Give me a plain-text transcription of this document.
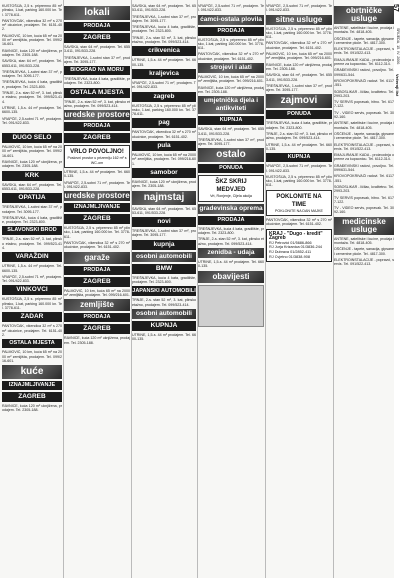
KUSTOŠIJA, 2,5 s. pripremno 85 m² plinsko, 1.kat, parking 160.000 kn. Tel. 3778-611.

PANTOVČAK, vikendica 32 m² s 270 m² okućnice, prodajem. Tel. 6151-402.

PALMOVIĆ, 10 km, kuća 65 m² na 2000 m² zemljišta, prodajem. Tel. 099/216-601.

RAVNICE, kuća 120 m² uknjižena, prodajem. Tel. 2305-188.

SAVSKA, stan 64 m², prodajem. Tel. 6553-611, 091/533-228.

TREŠNJEVKA, 1-sobni stan 37 m², prodajem. Tel. 3095-177.

TREŠNJEVKA, kuća 4 kata, gradilište, prodajem. Tel. 2323-800.

TRNJE, 2-s. stan 52 m², 3. kat, plinsko etažno, prodajem. Tel. 099/523-414.

UTRINE, 1,5-s. 44 m² prodajem. Tel. 6600-135.

VRAPČE, 2,5-sobni 71 m², prodajem. Tel. 091/422-833.

DUGO SELO

PALMOVIĆ, 10 km, kuća 65 m² na 2000 m² zemljišta, prodajem. Tel. 099/216-601.

RAVNICE, kuća 120 m² uknjižena, prodajem. Tel. 2305-188.

KRK

SAVSKA, stan 64 m², prodajem. Tel. 6553-611, 091/533-228.

OPATIJA

TREŠNJEVKA, 1-sobni stan 37 m², prodajem. Tel. 3095-177.

TREŠNJEVKA, kuća 4 kata, gradilište, prodajem. Tel. 2323-800.

SLAVONSKI BROD

TRNJE, 2-s. stan 52 m², 3. kat, plinsko etažno, prodajem. Tel. 099/523-414.

VARAŽDIN

UTRINE, 1,5-s. 44 m² prodajem. Tel. 6600-135.

VRAPČE, 2,5-sobni 71 m², prodajem. Tel. 091/422-833.

VINKOVCI

KUSTOŠIJA, 2,5 s. pripremno 85 m² plinsko, 1.kat, parking 160.000 kn. Tel. 3778-611.

ZADAR

PANTOVČAK, vikendica 32 m² s 270 m² okućnice, prodajem. Tel. 6151-402.

OSTALA MJESTA

PALMOVIĆ, 10 km, kuća 65 m² na 2000 m² zemljišta, prodajem. Tel. 099/216-601.

kuće
IZNAJMLJIVANJE
ZAGREB

RAVNICE, kuća 120 m² uknjižena, prodajem. Tel. 2305-188.

lokali
PRODAJA
ZAGREB

SAVSKA, stan 64 m², prodajem. Tel. 6553-611, 091/533-228.

TREŠNJEVKA, 1-sobni stan 37 m², prodajem. Tel. 3095-177.

BIOGRAD NA MORU

TREŠNJEVKA, kuća 4 kata, gradilište, prodajem. Tel. 2323-800.

OSTALA MJESTA

TRNJE, 2-s. stan 52 m², 3. kat, plinsko etažno, prodajem. Tel. 099/523-414.

uredske prostore
PRODAJA
ZAGREB
VRLO POVOLJNO!
Poslovni prostor u prizemlju 162 m² s WC-om

UTRINE, 1,5-s. 44 m² prodajem. Tel. 6600-135.

VRAPČE, 2,5-sobni 71 m², prodajem. Tel. 091/422-833.

uredske prostore
IZNAJMLJIVANJE
ZAGREB

KUSTOŠIJA, 2,5 s. pripremno 85 m² plinsko, 1.kat, parking 160.000 kn. Tel. 3778-611.

PANTOVČAK, vikendica 32 m² s 270 m² okućnice, prodajem. Tel. 6151-402.

garaže
PRODAJA
ZAGREB

PALMOVIĆ, 10 km, kuća 65 m² na 2000 m² zemljišta, prodajem. Tel. 099/216-601.

zemljište
PRODAJA
ZAGREB

RAVNICE, kuća 120 m² uknjižena, prodajem. Tel. 2305-188.

SAVSKA, stan 64 m², prodajem. Tel. 6553-611, 091/533-228.

TREŠNJEVKA, 1-sobni stan 37 m², prodajem. Tel. 3095-177.

TREŠNJEVKA, kuća 4 kata, gradilište, prodajem. Tel. 2323-800.

TRNJE, 2-s. stan 52 m², 3. kat, plinsko etažno, prodajem. Tel. 099/523-414.

crikvenica

UTRINE, 1,5-s. 44 m² prodajem. Tel. 6600-135.

kraljevica

VRAPČE, 2,5-sobni 71 m², prodajem. Tel. 091/422-833.

zagreb

KUSTOŠIJA, 2,5 s. pripremno 85 m² plinsko, 1.kat, parking 160.000 kn. Tel. 3778-611.

pag

PANTOVČAK, vikendica 32 m² s 270 m² okućnice, prodajem. Tel. 6151-402.

pula

PALMOVIĆ, 10 km, kuća 65 m² na 2000 m² zemljišta, prodajem. Tel. 099/216-601.

samobor

RAVNICE, kuća 120 m² uknjižena, prodajem. Tel. 2305-188.

najmstaj

SAVSKA, stan 64 m², prodajem. Tel. 6553-611, 091/533-228.

novi

TREŠNJEVKA, 1-sobni stan 37 m², prodajem. Tel. 3095-177.

kupnja
osobni automobili
BMW

TREŠNJEVKA, kuća 4 kata, gradilište, prodajem. Tel. 2323-800.

JAPANSKI AUTOMOBILI

TRNJE, 2-s. stan 52 m², 3. kat, plinsko etažno, prodajem. Tel. 099/523-414.

osobni automobili
KUPNJA

UTRINE, 1,5-s. 44 m² prodajem. Tel. 6600-135.

VRAPČE, 2,5-sobni 71 m², prodajem. Tel. 091/422-833.

ćamci-ostala plovila
PRODAJA

KUSTOŠIJA, 2,5 s. pripremno 85 m² plinsko, 1.kat, parking 160.000 kn. Tel. 3778-611.

PANTOVČAK, vikendica 32 m² s 270 m² okućnice, prodajem. Tel. 6151-402.

strojevi i alati

PALMOVIĆ, 10 km, kuća 65 m² na 2000 m² zemljišta, prodajem. Tel. 099/216-601.

RAVNICE, kuća 120 m² uknjižena, prodajem. Tel. 2305-188.

umjetnička djela i antikviteti
KUPNJA

SAVSKA, stan 64 m², prodajem. Tel. 6553-611, 091/533-228.

TREŠNJEVKA, 1-sobni stan 37 m², prodajem. Tel. 3095-177.

ostalo
PONUDA
ŠKZ SKRIJ MEDVJED
Vrt, Ronjenje, Cijela akcija
gradevinska oprema
PRODAJA

TREŠNJEVKA, kuća 4 kata, gradilište, prodajem. Tel. 2323-800.

TRNJE, 2-s. stan 52 m², 3. kat, plinsko etažno, prodajem. Tel. 099/523-414.

zenidba - udaja

UTRINE, 1,5-s. 44 m² prodajem. Tel. 6600-135.

obavijesti

VRAPČE, 2,5-sobni 71 m², prodajem. Tel. 091/422-833.

sitne usluge

KUSTOŠIJA, 2,5 s. pripremno 85 m² plinsko, 1.kat, parking 160.000 kn. Tel. 3778-611.

PANTOVČAK, vikendica 32 m² s 270 m² okućnice, prodajem. Tel. 6151-402.

PALMOVIĆ, 10 km, kuća 65 m² na 2000 m² zemljišta, prodajem. Tel. 099/216-601.

RAVNICE, kuća 120 m² uknjižena, prodajem. Tel. 2305-188.

SAVSKA, stan 64 m², prodajem. Tel. 6553-611, 091/533-228.

TREŠNJEVKA, 1-sobni stan 37 m², prodajem. Tel. 3095-177.

zajmovi
PONUDA

TREŠNJEVKA, kuća 4 kata, gradilište, prodajem. Tel. 2323-800.

TRNJE, 2-s. stan 52 m², 3. kat, plinsko etažno, prodajem. Tel. 099/523-414.

UTRINE, 1,5-s. 44 m² prodajem. Tel. 6600-135.

KUPNJA

VRAPČE, 2,5-sobni 71 m², prodajem. Tel. 091/422-833.

KUSTOŠIJA, 2,5 s. pripremno 85 m² plinsko, 1.kat, parking 160.000 kn. Tel. 3778-611.

POKLONITE NA TIME
POKLONITE NA DAN MAJKE

PANTOVČAK, vikendica 32 m² s 270 m² okućnice, prodajem. Tel. 6151-402.

KRAJ - "Dugo - kredit" Zagreb
RJ Petrovici 01/5686-866
RJ Jurja Krizanica 01/3836-244
RJ Dubrava 01/2852-411
RJ Cvjetno 01/3838-908
obrtničke usluge

ANTENE, satelitske i kućne, prodaja i montaža. Tel. 4818-405.

OŠČENJE - tapete, sanacija, gipsane i cementne ploče. Tel. 4817-300.

ELEKTROINSTALACIJE - popravci, servis. Tel. 091/522-413.

EMAJLIRANJE KADA - proizvodnja opreme za kupaonicu. Tel. 6112-314.

GRAĐEVINSKI radovi, povoljno. Tel. 099/631-544.

KROVOPOKRIVAČI radovi. Tel. 6117-551.

SOBOSLIKAR - ličilac, kvalitetno. Tel. 2993-203.

TV SERVIS popravak, hitno. Tel. 6177-122.

TV - VIDEO servis, popravak. Tel. 3092-160.

ANTENE, satelitske i kućne, prodaja i montaža. Tel. 4818-405.

OŠČENJE - tapete, sanacija, gipsane i cementne ploče. Tel. 4817-300.

ELEKTROINSTALACIJE - popravci, servis. Tel. 091/522-413.

EMAJLIRANJE KADA - proizvodnja opreme za kupaonicu. Tel. 6112-314.

GRAĐEVINSKI radovi, povoljno. Tel. 099/631-544.

KROVOPOKRIVAČI radovi. Tel. 6117-551.

SOBOSLIKAR - ličilac, kvalitetno. Tel. 2993-203.

TV SERVIS popravak, hitno. Tel. 6177-122.

TV - VIDEO servis, popravak. Tel. 3092-160.

medicinske usluge

ANTENE, satelitske i kućne, prodaja i montaža. Tel. 4818-405.

OŠČENJE - tapete, sanacija, gipsane i cementne ploče. Tel. 4817-300.

ELEKTROINSTALACIJE - popravci, servis. Tel. 091/522-413.

57
SRIJEDA, 15. IV. 2000.
Večernji list
